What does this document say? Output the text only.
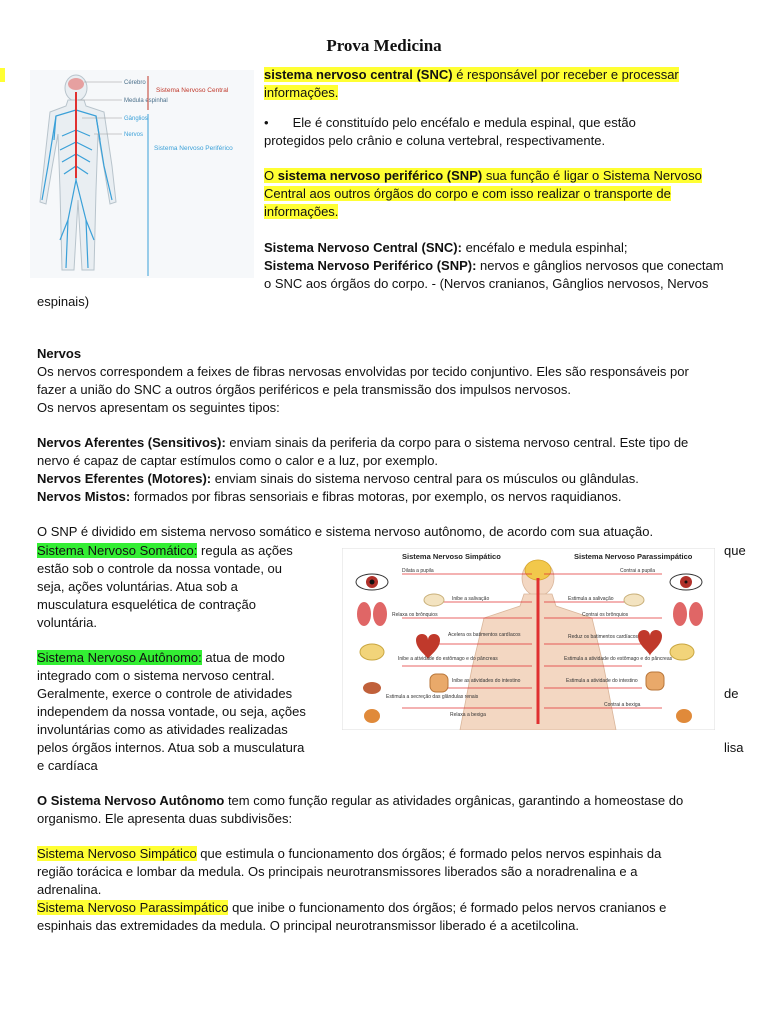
Prova Medicina
Cérebro
Medula espinhal
Gânglios
Nervos
Sistema Nervoso Central
Sistema Nervoso Periférico
sistema nervoso central (SNC) é responsável por receber e processar
informações.
• Ele é constituído pelo encéfalo e medula espinal, que estão
protegidos pelo crânio e coluna vertebral, respectivamente.
O sistema nervoso periférico (SNP) sua função é ligar o Sistema Nervoso
Central aos outros órgãos do corpo e com isso realizar o transporte de
informações.
Sistema Nervoso Central (SNC): encéfalo e medula espinhal;
Sistema Nervoso Periférico (SNP): nervos e gânglios nervosos que conectam
o SNC aos órgãos do corpo. - (Nervos cranianos, Gânglios nervosos, Nervos
espinais)
Nervos
Os nervos correspondem a feixes de fibras nervosas envolvidas por tecido conjuntivo. Eles são responsáveis por
fazer a união do SNC a outros órgãos periféricos e pela transmissão dos impulsos nervosos.
Os nervos apresentam os seguintes tipos:
Nervos Aferentes (Sensitivos): enviam sinais da periferia da corpo para o sistema nervoso central. Este tipo de
nervo é capaz de captar estímulos como o calor e a luz, por exemplo.
Nervos Eferentes (Motores): enviam sinais do sistema nervoso central para os músculos ou glândulas.
Nervos Mistos: formados por fibras sensoriais e fibras motoras, por exemplo, os nervos raquidianos.
O SNP é dividido em sistema nervoso somático e sistema nervoso autônomo, de acordo com sua atuação.
Sistema Nervoso Somático: regula as ações
estão sob o controle da nossa vontade, ou
seja, ações voluntárias. Atua sob a
musculatura esquelética de contração
voluntária.
que
Sistema Nervoso Autônomo: atua de modo
integrado com o sistema nervoso central.
Geralmente, exerce o controle de atividades
independem da nossa vontade, ou seja, ações
involuntárias como as atividades realizadas
pelos órgãos internos. Atua sob a musculatura
e cardíaca
de
lisa
Sistema Nervoso Simpático	Sistema Nervoso Parassimpático
Dilata a pupila
Inibe a salivação
Relaxa os brônquios
Acelera os batimentos cardíacos
Inibe a atividade do estômago e do pâncreas
Inibe as atividades do intestino
Estimula a secreção das glândulas renais
Relaxa a bexiga
Contrai a pupila
Estimula a salivação
Contrai os brônquios
Reduz os batimentos cardíacos
Estimula a atividade do estômago e do pâncreas
Estimula a atividade do intestino
Contrai a bexiga
O Sistema Nervoso Autônomo tem como função regular as atividades orgânicas, garantindo a homeostase do
organismo. Ele apresenta duas subdivisões:
Sistema Nervoso Simpático que estimula o funcionamento dos órgãos; é formado pelos nervos espinhais da
região torácica e lombar da medula. Os principais neurotransmissores liberados são a noradrenalina e a
adrenalina.
Sistema Nervoso Parassimpático que inibe o funcionamento dos órgãos; é formado pelos nervos cranianos e
espinhais das extremidades da medula. O principal neurotransmissor liberado é a acetilcolina.
